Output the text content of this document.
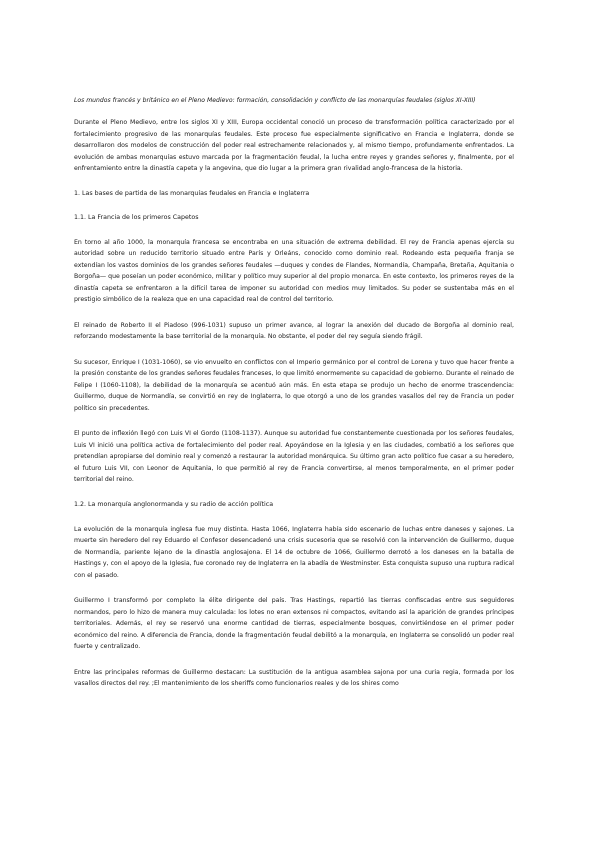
Los mundos francés y británico en el Pleno Medievo: formación, consolidación y conflicto de las monarquías feudales (siglos XI-XIII)
Durante el Pleno Medievo, entre los siglos XI y XIII, Europa occidental conoció un proceso de transformación política caracterizado por el fortalecimiento progresivo de las monarquías feudales. Este proceso fue especialmente significativo en Francia e Inglaterra, donde se desarrollaron dos modelos de construcción del poder real estrechamente relacionados y, al mismo tiempo, profundamente enfrentados. La evolución de ambas monarquías estuvo marcada por la fragmentación feudal, la lucha entre reyes y grandes señores y, finalmente, por el enfrentamiento entre la dinastía capeta y la angevina, que dio lugar a la primera gran rivalidad anglo-francesa de la historia.
1. Las bases de partida de las monarquías feudales en Francia e Inglaterra
1.1. La Francia de los primeros Capetos
En torno al año 1000, la monarquía francesa se encontraba en una situación de extrema debilidad. El rey de Francia apenas ejercía su autoridad sobre un reducido territorio situado entre París y Orleáns, conocido como dominio real. Rodeando esta pequeña franja se extendían los vastos dominios de los grandes señores feudales —duques y condes de Flandes, Normandía, Champaña, Bretaña, Aquitania o Borgoña— que poseían un poder económico, militar y político muy superior al del propio monarca. En este contexto, los primeros reyes de la dinastía capeta se enfrentaron a la difícil tarea de imponer su autoridad con medios muy limitados. Su poder se sustentaba más en el prestigio simbólico de la realeza que en una capacidad real de control del territorio.
El reinado de Roberto II el Piadoso (996-1031) supuso un primer avance, al lograr la anexión del ducado de Borgoña al dominio real, reforzando modestamente la base territorial de la monarquía. No obstante, el poder del rey seguía siendo frágil.
Su sucesor, Enrique I (1031-1060), se vio envuelto en conflictos con el Imperio germánico por el control de Lorena y tuvo que hacer frente a la presión constante de los grandes señores feudales franceses, lo que limitó enormemente su capacidad de gobierno. Durante el reinado de Felipe I (1060-1108), la debilidad de la monarquía se acentuó aún más. En esta etapa se produjo un hecho de enorme trascendencia: Guillermo, duque de Normandía, se convirtió en rey de Inglaterra, lo que otorgó a uno de los grandes vasallos del rey de Francia un poder político sin precedentes.
El punto de inflexión llegó con Luis VI el Gordo (1108-1137). Aunque su autoridad fue constantemente cuestionada por los señores feudales, Luis VI inició una política activa de fortalecimiento del poder real. Apoyándose en la Iglesia y en las ciudades, combatió a los señores que pretendían apropiarse del dominio real y comenzó a restaurar la autoridad monárquica. Su último gran acto político fue casar a su heredero, el futuro Luis VII, con Leonor de Aquitania, lo que permitió al rey de Francia convertirse, al menos temporalmente, en el primer poder territorial del reino.
1.2. La monarquía anglonormanda y su radio de acción política
La evolución de la monarquía inglesa fue muy distinta. Hasta 1066, Inglaterra había sido escenario de luchas entre daneses y sajones. La muerte sin heredero del rey Eduardo el Confesor desencadenó una crisis sucesoria que se resolvió con la intervención de Guillermo, duque de Normandía, pariente lejano de la dinastía anglosajona. El 14 de octubre de 1066, Guillermo derrotó a los daneses en la batalla de Hastings y, con el apoyo de la Iglesia, fue coronado rey de Inglaterra en la abadía de Westminster. Esta conquista supuso una ruptura radical con el pasado.
Guillermo I transformó por completo la élite dirigente del país. Tras Hastings, repartió las tierras confiscadas entre sus seguidores normandos, pero lo hizo de manera muy calculada: los lotes no eran extensos ni compactos, evitando así la aparición de grandes príncipes territoriales. Además, el rey se reservó una enorme cantidad de tierras, especialmente bosques, convirtiéndose en el primer poder económico del reino. A diferencia de Francia, donde la fragmentación feudal debilitó a la monarquía, en Inglaterra se consolidó un poder real fuerte y centralizado.
Entre las principales reformas de Guillermo destacan: La sustitución de la antigua asamblea sajona por una curia regia, formada por los vasallos directos del rey. ;El mantenimiento de los sheriffs como funcionarios reales y de los shires como
